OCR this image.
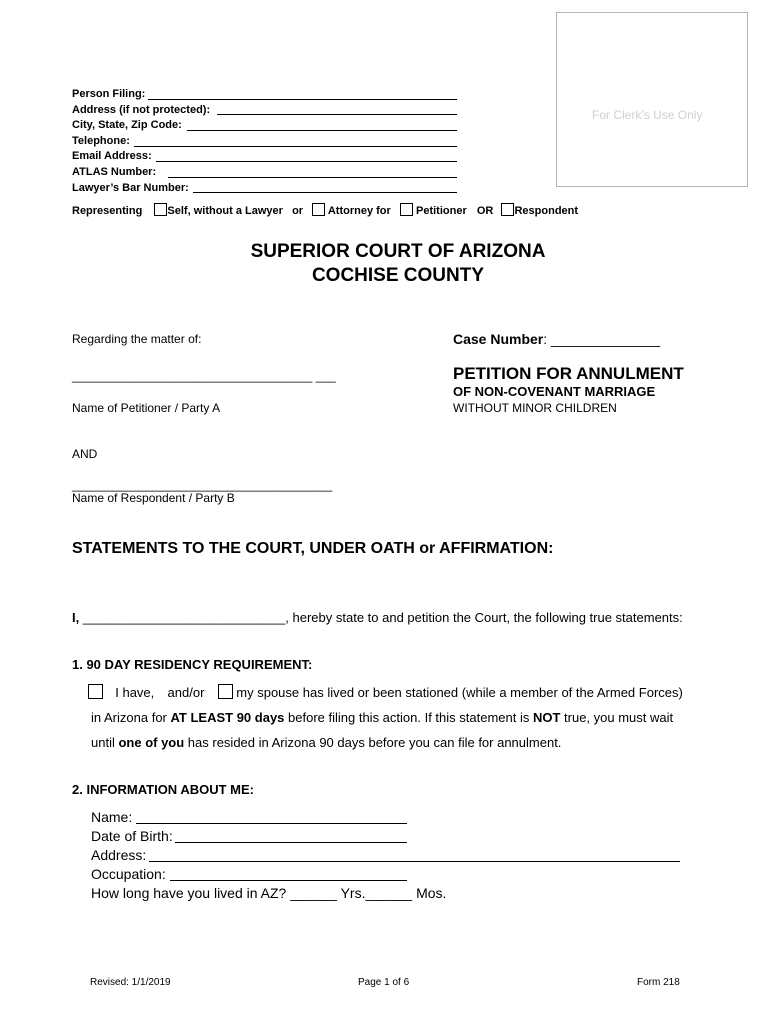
For Clerk’s Use Only
Person Filing:
Address (if not protected):
City, State, Zip Code:
Telephone:
Email Address:
ATLAS Number:
Lawyer’s Bar Number:
Representing Self, without a Lawyer or Attorney for Petitioner OR Respondent
SUPERIOR COURT OF ARIZONA
COCHISE COUNTY
Regarding the matter of:
____________________________________ ___
Name of Petitioner / Party A
AND
_______________________________________
Name of Respondent / Party B
Case Number: ______________
PETITION FOR ANNULMENT
OF NON-COVENANT MARRIAGE
WITHOUT MINOR CHILDREN
STATEMENTS TO THE COURT, UNDER OATH or AFFIRMATION:
I, ____________________________, hereby state to and petition the Court, the following true statements:
1. 90 DAY RESIDENCY REQUIREMENT:
I have, and/or my spouse has lived or been stationed (while a member of the Armed Forces)
in Arizona for AT LEAST 90 days before filing this action. If this statement is NOT true, you must wait
until one of you has resided in Arizona 90 days before you can file for annulment.
2. INFORMATION ABOUT ME:
Name:
Date of Birth:
Address:
Occupation:
How long have you lived in AZ? ______ Yrs.______ Mos.
Revised: 1/1/2019	Page 1 of 6	Form 218
